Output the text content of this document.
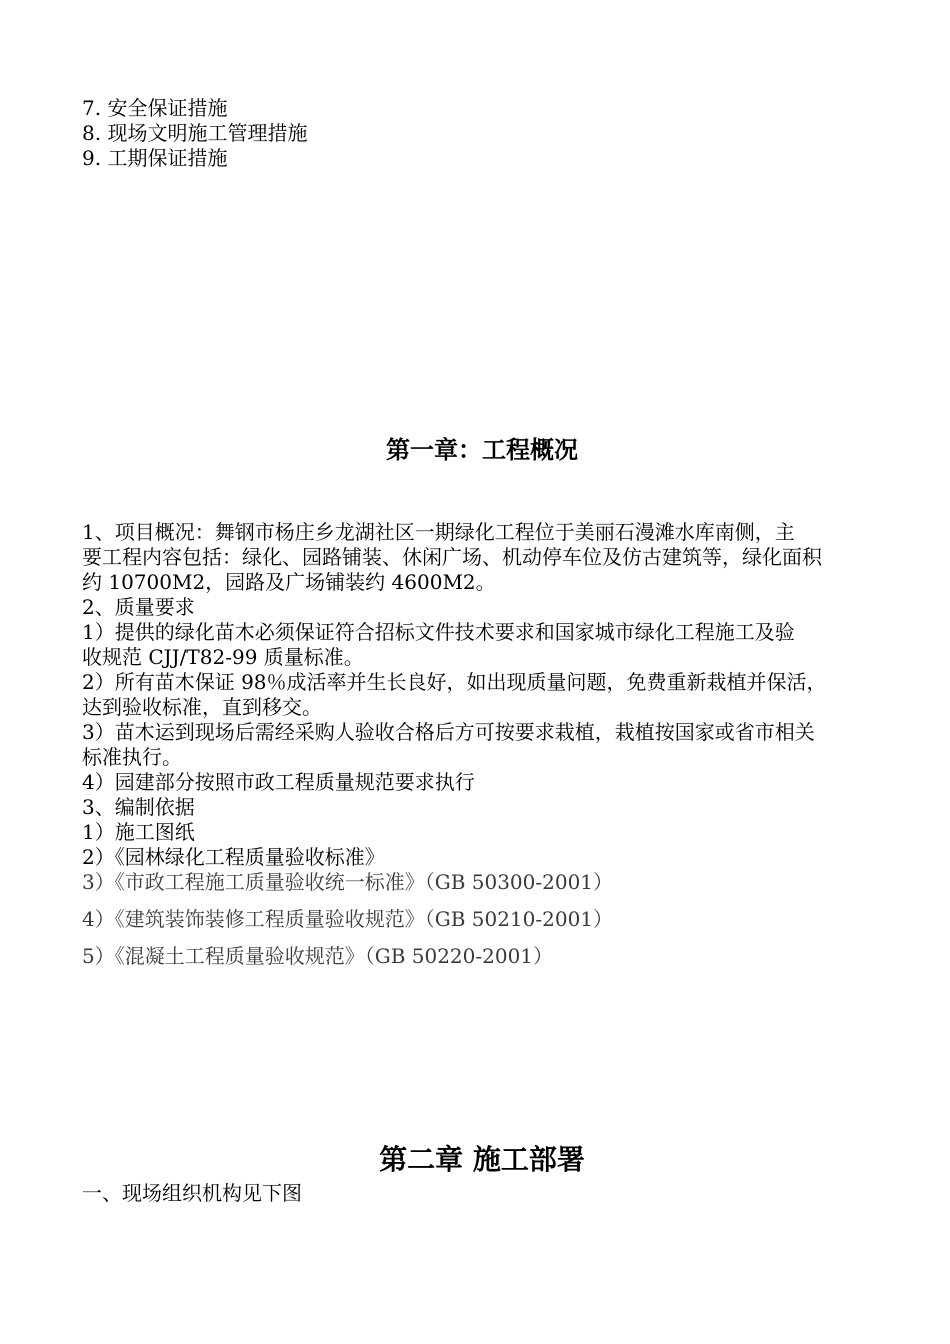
7. 安全保证措施
8. 现场文明施工管理措施
9. 工期保证措施
第一章：工程概况
1、项目概况：舞钢市杨庄乡龙湖社区一期绿化工程位于美丽石漫滩水库南侧，主
要工程内容包括：绿化、园路铺装、休闲广场、机动停车位及仿古建筑等，绿化面积
约 10700M2，园路及广场铺装约 4600M2。
2、质量要求
1）提供的绿化苗木必须保证符合招标文件技术要求和国家城市绿化工程施工及验
收规范 CJJ/T82-99 质量标准。
2）所有苗木保证 98％成活率并生长良好，如出现质量问题，免费重新栽植并保活，
达到验收标准，直到移交。
3）苗木运到现场后需经采购人验收合格后方可按要求栽植，栽植按国家或省市相关
标准执行。
4）园建部分按照市政工程质量规范要求执行
3、编制依据
1）施工图纸
2）《园林绿化工程质量验收标准》
3）《市政工程施工质量验收统一标准》（GB 50300-2001）
4）《建筑装饰装修工程质量验收规范》（GB 50210-2001）
5）《混凝土工程质量验收规范》（GB 50220-2001）
第二章 施工部署
一、现场组织机构见下图
